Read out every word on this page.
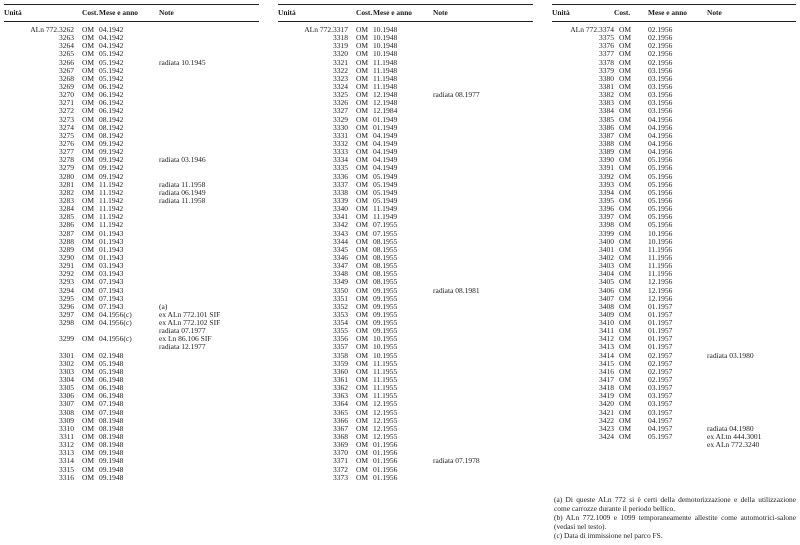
Unità	Cost. Mese e anno	Note
ALn 772.3262 OM 04.1942
3263 OM 04.1942
3264 OM 04.1942
3265 OM 05.1942
3266 OM 05.1942	radiata 10.1945
3267 OM 05.1942
3268 OM 05.1942
3269 OM 06.1942
3270 OM 06.1942
3271 OM 06.1942
3272 OM 06.1942
3273 OM 08.1942
3274 OM 08.1942
3275 OM 08.1942
3276 OM 09.1942
3277 OM 09.1942
3278 OM 09.1942	radiata 03.1946
3279 OM 09.1942
3280 OM 09.1942
3281 OM 11.1942	radiata 11.1958
3282 OM 11.1942	radiata 06.1949
3283 OM 11.1942	radiata 11.1958
3284 OM 11.1942
3285 OM 11.1942
3286 OM 11.1942
3287 OM 01.1943
3288 OM 01.1943
3289 OM 01.1943
3290 OM 01.1943
3291 OM 03.1943
3292 OM 03.1943
3293 OM 07.1943
3294 OM 07.1943
3295 OM 07.1943
3296 OM 07.1943	(a)
3297 OM 04.1956(c)	ex ALn 772.101 SIF
3298 OM 04.1956(c)	ex ALn 772.102 SIF
radiata 07.1977
3299 OM 04.1956(c)	ex Ln 86.106 SIF
radiata 12.1977
3301 OM 02.1948
3302 OM 05.1948
3303 OM 05.1948
3304 OM 06.1948
3305 OM 06.1948
3306 OM 06.1948
3307 OM 07.1948
3308 OM 07.1948
3309 OM 08.1948
3310 OM 08.1948
3311 OM 08.1948
3312 OM 08.1948
3313 OM 09.1948
3314 OM 09.1948
3315 OM 09.1948
3316 OM 09.1948
Unità	Cost. Mese e anno	Note
ALn 772.3317 OM 10.1948
3318 OM 10.1948
3319 OM 10.1948
3320 OM 10.1948
3321 OM 11.1948
3322 OM 11.1948
3323 OM 11.1948
3324 OM 11.1948
3325 OM 12.1948	radiata 08.1977
3326 OM 12.1948
3327 OM 12.1984
3329 OM 01.1949
3330 OM 01.1949
3331 OM 04.1949
3332 OM 04.1949
3333 OM 04.1949
3334 OM 04.1949
3335 OM 04.1949
3336 OM 05.1949
3337 OM 05.1949
3338 OM 05.1949
3339 OM 05.1949
3340 OM 11.1949
3341 OM 11.1949
3342 OM 07.1955
3343 OM 07.1955
3344 OM 08.1955
3345 OM 08.1955
3346 OM 08.1955
3347 OM 08.1955
3348 OM 08.1955
3349 OM 08.1955
3350 OM 09.1955	radiata 08.1981
3351 OM 09.1955
3352 OM 09.1955
3353 OM 09.1955
3354 OM 09.1955
3355 OM 09.1955
3356 OM 10.1955
3357 OM 10.1955
3358 OM 10.1955
3359 OM 11.1955
3360 OM 11.1955
3361 OM 11.1955
3362 OM 11.1955
3363 OM 11.1955
3364 OM 12.1955
3365 OM 12.1955
3366 OM 12.1955
3367 OM 12.1955
3368 OM 12.1955
3369 OM 01.1956
3370 OM 01.1956
3371 OM 01.1956	radiata 07.1978
3372 OM 01.1956
3373 OM 01.1956
Unità	Cost. Mese e anno	Note
ALn 772.3374 OM 02.1956
3375 OM 02.1956
3376 OM 02.1956
3377 OM 02.1956
3378 OM 02.1956
3379 OM 03.1956
3380 OM 03.1956
3381 OM 03.1956
3382 OM 03.1956
3383 OM 03.1956
3384 OM 03.1956
3385 OM 04.1956
3386 OM 04.1956
3387 OM 04.1956
3388 OM 04.1956
3389 OM 04.1956
3390 OM 05.1956
3391 OM 05.1956
3392 OM 05.1956
3393 OM 05.1956
3394 OM 05.1956
3395 OM 05.1956
3396 OM 05.1956
3397 OM 05.1956
3398 OM 05.1956
3399 OM 10.1956
3400 OM 10.1956
3401 OM 11.1956
3402 OM 11.1956
3403 OM 11.1956
3404 OM 11.1956
3405 OM 12.1956
3406 OM 12.1956
3407 OM 12.1956
3408 OM 01.1957
3409 OM 01.1957
3410 OM 01.1957
3411 OM 01.1957
3412 OM 01.1957
3413 OM 01.1957
3414 OM 02.1957	radiata 03.1980
3415 OM 02.1957
3416 OM 02.1957
3417 OM 02.1957
3418 OM 03.1957
3419 OM 03.1957
3420 OM 03.1957
3421 OM 03.1957
3422 OM 04.1957
3423 OM 04.1957	radiata 04.1980
3424 OM 05.1957	ex ALtn 444.3001
ex ALn 772.3240

(a) Di queste ALn 772 si è certi della demotorizzazione e della utilizzazione come carrozze durante il periodo bellico.

(b) ALn 772.1009 e 1099 temporaneamente allestite come automotrici-salone (vedasi nel testo).

(c) Data di immissione nel parco FS.
